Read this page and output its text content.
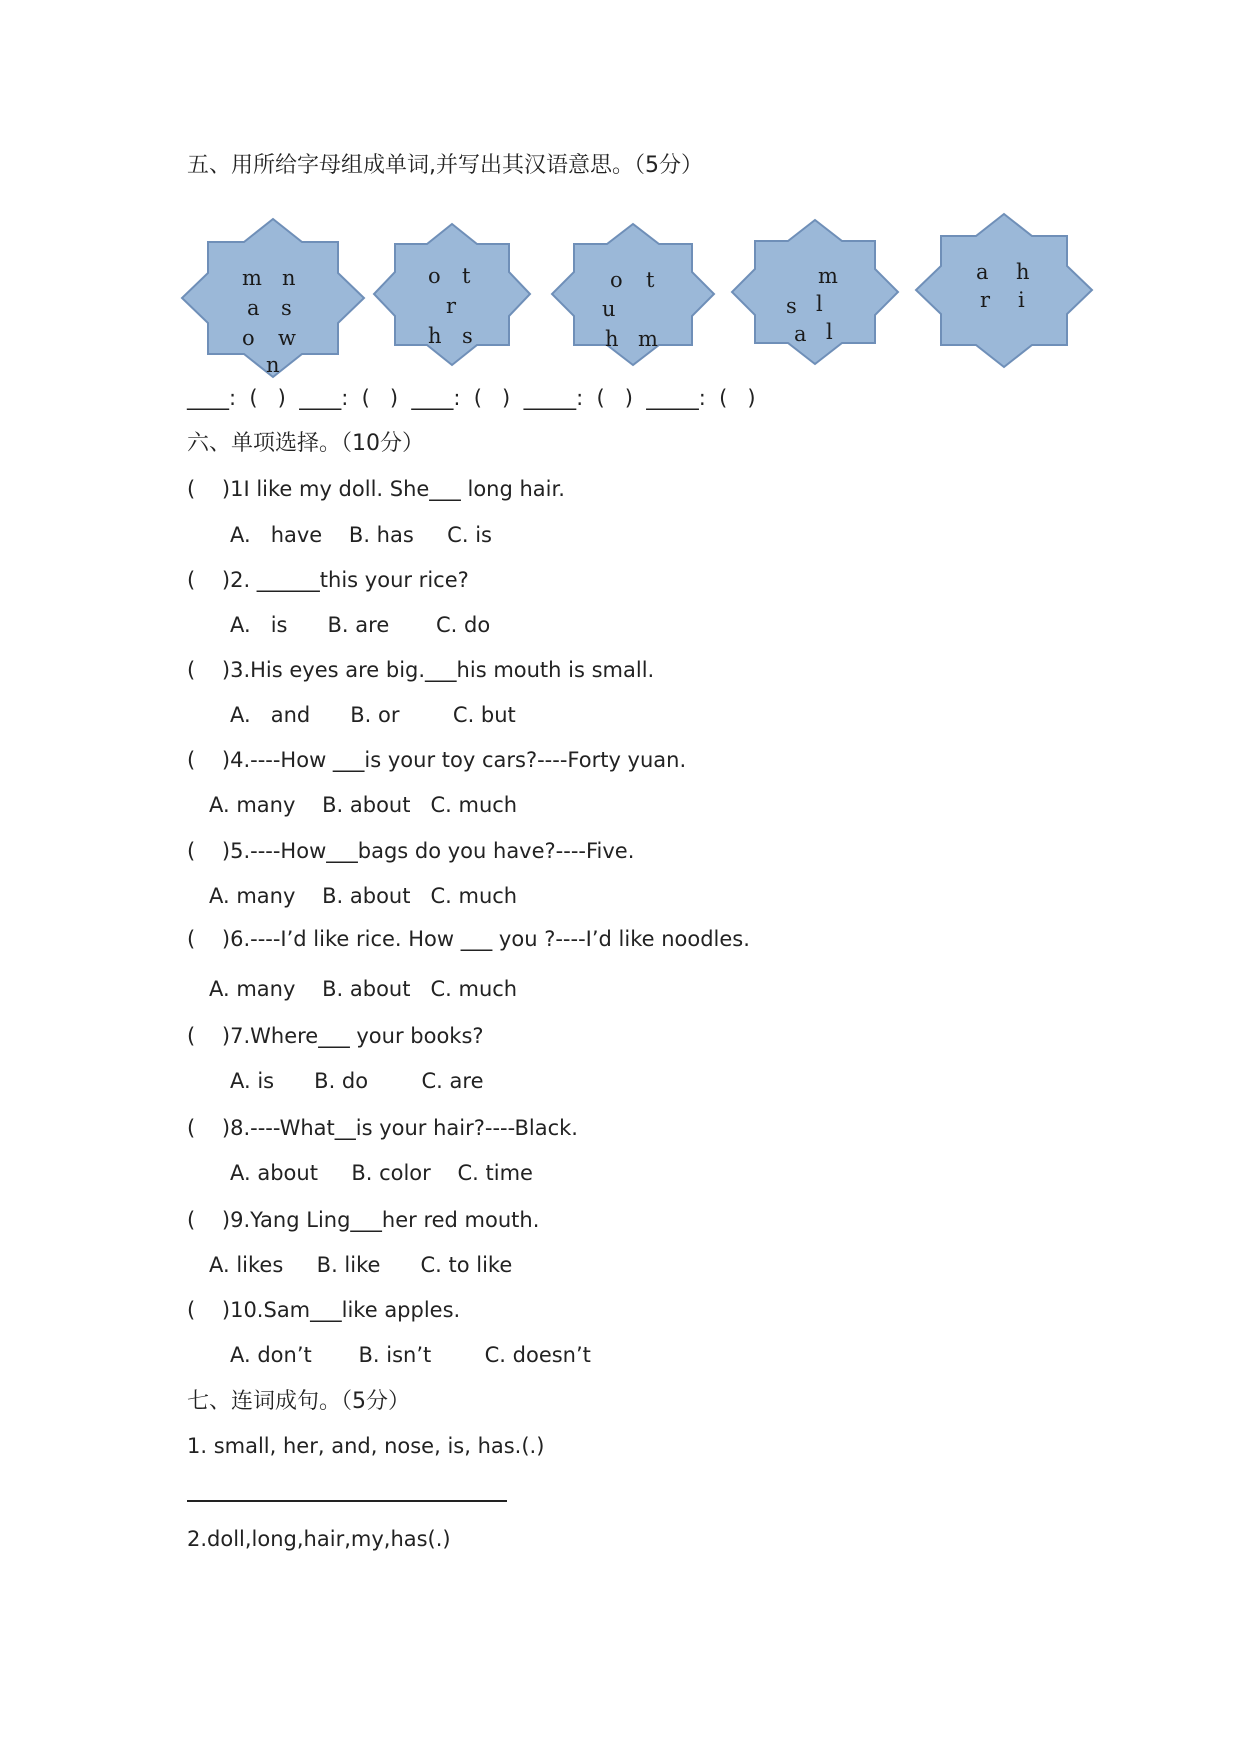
五、用所给字母组成单词,并写出其汉语意思。（5分）
m n
a s
o w
n
o t
r
h s
o t
u
h m
m
s l
a l
a h
r i
____:  (   )  ____:  (   )  ____:  (   )  _____:  (   )  _____:  (   )
六、单项选择。（10分）
(    )1I like my doll. She___ long hair.
A.   have    B. has     C. is
(    )2. ______this your rice?
A.   is      B. are       C. do
(    )3.His eyes are big.___his mouth is small.
A.   and      B. or        C. but
(    )4.----How ___is your toy cars?----Forty yuan.
A. many    B. about   C. much
(    )5.----How___bags do you have?----Five.
A. many    B. about   C. much
(    )6.----I’d like rice. How ___ you ?----I’d like noodles.
A. many    B. about   C. much
(    )7.Where___ your books?
A. is      B. do        C. are
(    )8.----What__is your hair?----Black.
A. about     B. color    C. time
(    )9.Yang Ling___her red mouth.
A. likes     B. like      C. to like
(    )10.Sam___like apples.
A. don’t       B. isn’t        C. doesn’t
七、连词成句。（5分）
1. small, her, and, nose, is, has.(.)
2.doll,long,hair,my,has(.)
